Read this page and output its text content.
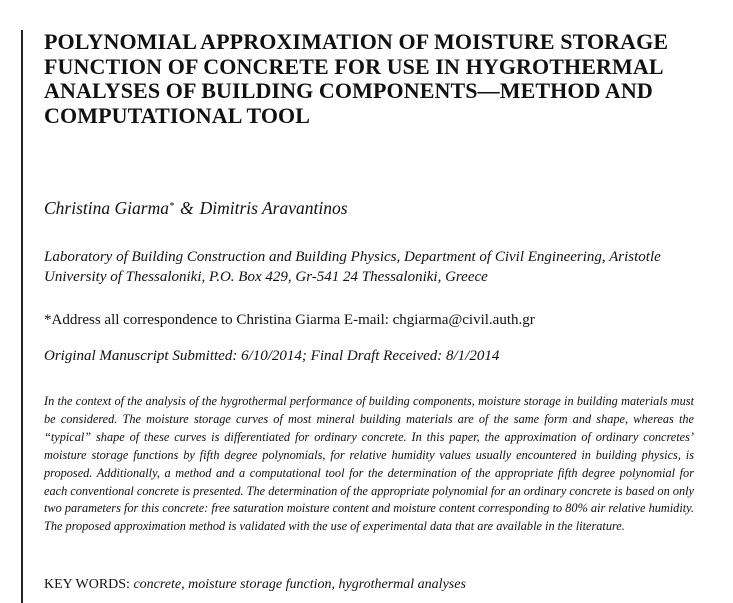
POLYNOMIAL APPROXIMATION OF MOISTURE STORAGE FUNCTION OF CONCRETE FOR USE IN HYGROTHERMAL ANALYSES OF BUILDING COMPONENTS—METHOD AND COMPUTATIONAL TOOL
Christina Giarma* & Dimitris Aravantinos
Laboratory of Building Construction and Building Physics, Department of Civil Engineering, Aristotle University of Thessaloniki, P.O. Box 429, Gr-541 24 Thessaloniki, Greece
*Address all correspondence to Christina Giarma E-mail: chgiarma@civil.auth.gr
Original Manuscript Submitted: 6/10/2014; Final Draft Received: 8/1/2014

In the context of the analysis of the hygrothermal performance of building components, moisture storage in building materials must be considered. The moisture storage curves of most mineral building materials are of the same form and shape, whereas the “typical” shape of these curves is differentiated for ordinary concrete. In this paper, the approximation of ordinary concretes’ moisture storage functions by fifth degree polynomials, for relative humidity values usually encountered in building physics, is proposed. Additionally, a method and a computational tool for the determination of the appropriate fifth degree polynomial for each conventional concrete is presented. The determination of the appropriate polynomial for an ordinary concrete is based on only two parameters for this concrete: free saturation moisture content and moisture content corresponding to 80% air relative humidity. The proposed approximation method is validated with the use of experimental data that are available in the literature.

KEY WORDS: concrete, moisture storage function, hygrothermal analyses
